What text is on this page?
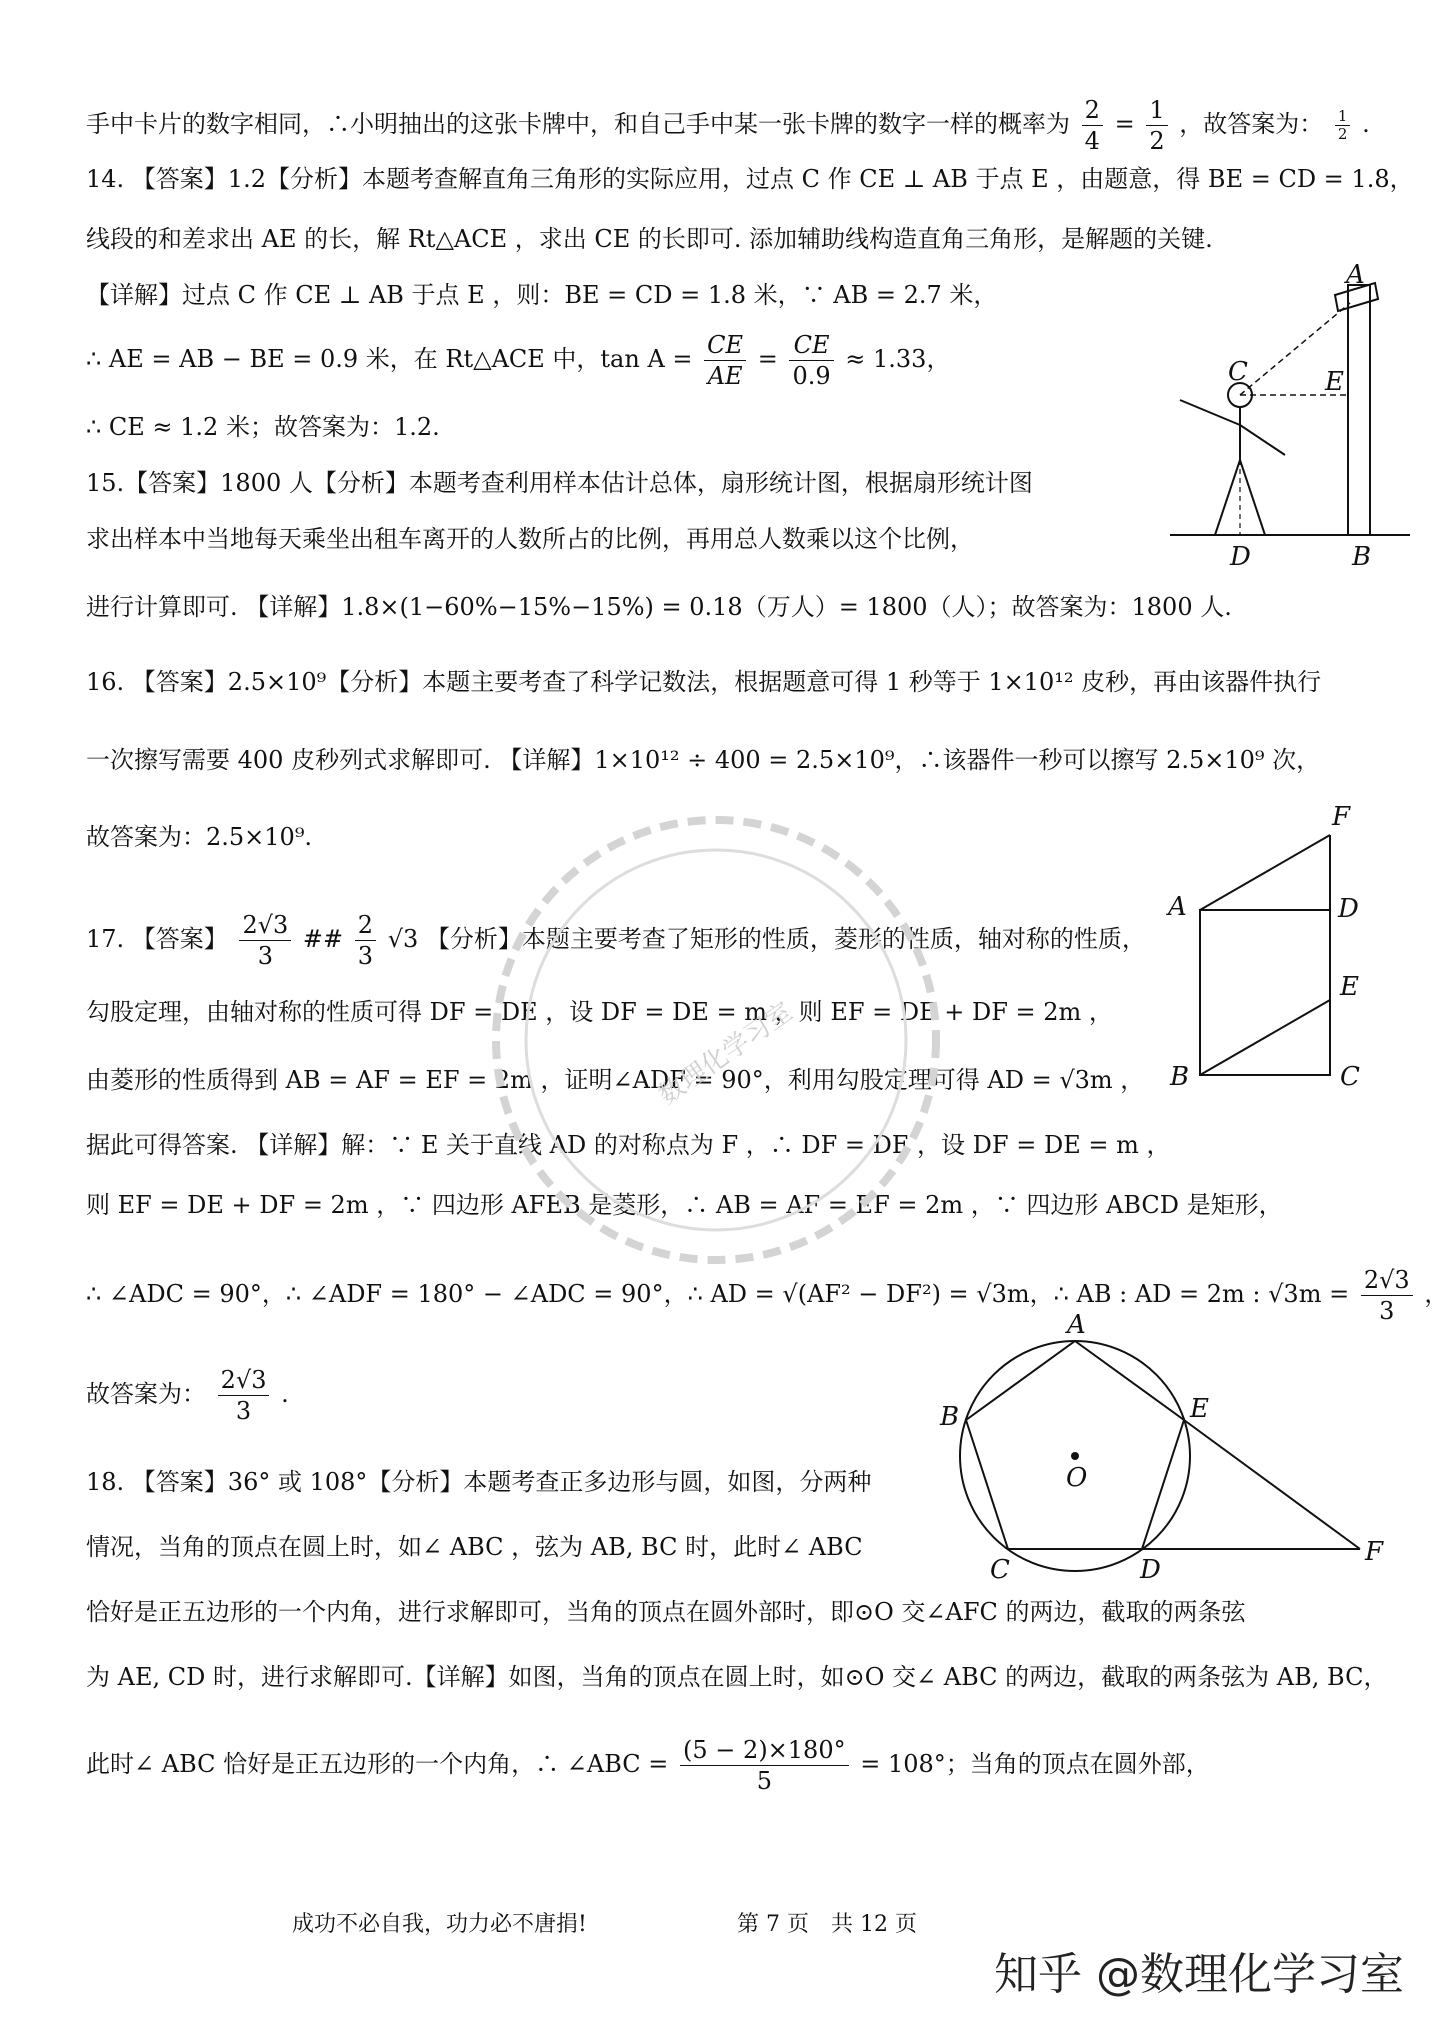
手中卡片的数字相同，∴小明抽出的这张卡牌中，和自己手中某一张卡牌的数字一样的概率为 $\frac{2}{4} = \frac{1}{2}$ ，故答案为： $\frac{1}{2}$ .
14. 【答案】1.2【分析】本题考查解直角三角形的实际应用，过点 C 作 CE ⊥ AB 于点 E ，由题意，得 BE = CD = 1.8，
线段的和差求出 AE 的长，解 Rt△ACE ，求出 CE 的长即可. 添加辅助线构造直角三角形，是解题的关键.
【详解】过点 C 作 CE ⊥ AB 于点 E ，则：BE = CD = 1.8 米，∵ AB = 2.7 米，
∴ AE = AB − BE = 0.9 米，在 Rt△ACE 中，$\tan A = \frac{CE}{AE} = \frac{CE}{0.9} \approx 1.33$，
∴ CE ≈ 1.2 米；故答案为：1.2.
15.【答案】1800 人【分析】本题考查利用样本估计总体，扇形统计图，根据扇形统计图
求出样本中当地每天乘坐出租车离开的人数所占的比例，再用总人数乘以这个比例，
进行计算即可. 【详解】1.8×(1−60%−15%−15%) = 0.18（万人）= 1800（人）；故答案为：1800 人.
16. 【答案】2.5×10⁹【分析】本题主要考查了科学记数法，根据题意可得 1 秒等于 1×10¹² 皮秒，再由该器件执行
一次擦写需要 400 皮秒列式求解即可. 【详解】1×10¹² ÷ 400 = 2.5×10⁹，∴该器件一秒可以擦写 2.5×10⁹ 次，
故答案为：2.5×10⁹.
17. 【答案】 $\frac{2√3}{3}$ ## $\frac{2}{3} √3$ 【分析】本题主要考查了矩形的性质，菱形的性质，轴对称的性质，
勾股定理，由轴对称的性质可得 DF = DE ，设 DF = DE = m ，则 EF = DE + DF = 2m ，
由菱形的性质得到 AB = AF = EF = 2m ，证明∠ADF = 90°，利用勾股定理可得 AD = √3m ，
据此可得答案. 【详解】解：∵ E 关于直线 AD 的对称点为 F ，∴ DF = DE ，设 DF = DE = m ，
则 EF = DE + DF = 2m ，∵ 四边形 AFEB 是菱形，∴ AB = AF = EF = 2m ，∵ 四边形 ABCD 是矩形，
∴ ∠ADC = 90°，∴ ∠ADF = 180° − ∠ADC = 90°，∴ AD = √(AF² − DF²) = √3m，∴ AB : AD = 2m : $√3m = \frac{2√3}{3}$ ，
故答案为： $\frac{2√3}{3}$ .
18. 【答案】36° 或 108°【分析】本题考查正多边形与圆，如图，分两种
情况，当角的顶点在圆上时，如∠ ABC ，弦为 AB, BC 时，此时∠ ABC
恰好是正五边形的一个内角，进行求解即可，当角的顶点在圆外部时，即⊙O 交∠AFC 的两边，截取的两条弦
为 AE, CD 时，进行求解即可.【详解】如图，当角的顶点在圆上时，如⊙O 交∠ ABC 的两边，截取的两条弦为 AB, BC，
此时∠ ABC 恰好是正五边形的一个内角，∴ ∠ABC = $\frac{(5 - 2)\times 180^\circ}{5} = 108^\circ$；当角的顶点在圆外部，
A
C	E
D	B
F
A	D
E
B	C
A
B	E
O
C	D
F
数理化学习室
成功不必自我，功力必不唐捐!	第 7 页　共 12 页
知乎 @数理化学习室
